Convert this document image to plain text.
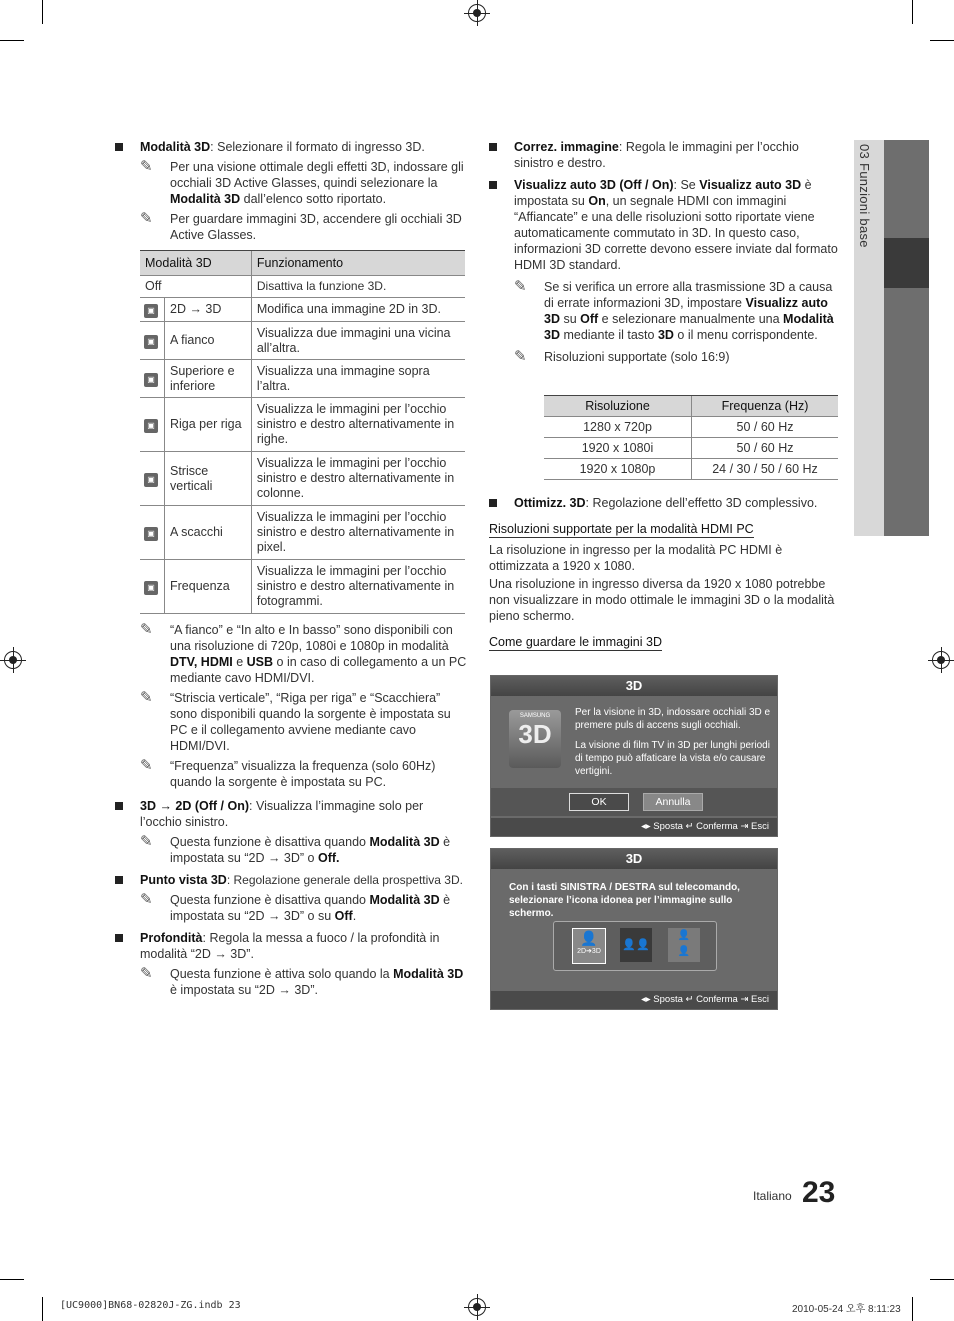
03 Funzioni base
Modalità 3D: Selezionare il formato di ingresso 3D.
✎ Per una visione ottimale degli effetti 3D, indossare gli occhiali 3D Active Glasses, quindi selezionare la Modalità 3D dall’elenco sotto riportato.
✎ Per guardare immagini 3D, accendere gli occhiali 3D Active Glasses.
Modalità 3D		Funzionamento
Off		Disattiva la funzione 3D.
▣	2D → 3D	Modifica una immagine 2D in 3D.
▣	A fianco	Visualizza due immagini una vicina all’altra.
▣	Superiore e inferiore	Visualizza una immagine sopra l’altra.
▣	Riga per riga	Visualizza le immagini per l’occhio sinistro e destro alternativamente in righe.
▣	Strisce verticali	Visualizza le immagini per l’occhio sinistro e destro alternativamente in colonne.
▣	A scacchi	Visualizza le immagini per l’occhio sinistro e destro alternativamente in pixel.
▣	Frequenza	Visualizza le immagini per l’occhio sinistro e destro alternativamente in fotogrammi.
✎ “A fianco” e “In alto e In basso” sono disponibili con una risoluzione di 720p, 1080i e 1080p in modalità DTV, HDMI e USB o in caso di collegamento a un PC mediante cavo HDMI/DVI.
✎ “Striscia verticale”, “Riga per riga” e “Scacchiera” sono disponibili quando la sorgente è impostata su PC e il collegamento avviene mediante cavo HDMI/DVI.
✎ “Frequenza” visualizza la frequenza (solo 60Hz) quando la sorgente è impostata su PC.
3D → 2D (Off / On): Visualizza l’immagine solo per l’occhio sinistro.
✎ Questa funzione è disattiva quando Modalità 3D è impostata su “2D → 3D” o Off.
Punto vista 3D: Regolazione generale della prospettiva 3D.
✎ Questa funzione è disattiva quando Modalità 3D è impostata su “2D → 3D” o su Off.
Profondità: Regola la messa a fuoco / la profondità in modalità “2D → 3D”.
✎ Questa funzione è attiva solo quando la Modalità 3D è impostata su “2D → 3D”.
Correz. immagine: Regola le immagini per l’occhio sinistro e destro.
Visualizz auto 3D (Off / On): Se Visualizz auto 3D è impostata su On, un segnale HDMI con immagini “Affiancate” e una delle risoluzioni sotto riportate viene automaticamente commutato in 3D. In questo caso, informazioni 3D corrette devono essere inviate dal formato HDMI 3D standard.
✎ Se si verifica un errore alla trasmissione 3D a causa di errate informazioni 3D, impostare Visualizz auto 3D su Off e selezionare manualmente una Modalità 3D mediante il tasto 3D o il menu corrispondente.
✎ Risoluzioni supportate (solo 16:9)
Risoluzione	Frequenza (Hz)
1280 x 720p	50 / 60 Hz
1920 x 1080i	50 / 60 Hz
1920 x 1080p	24 / 30 / 50 / 60 Hz
Ottimizz. 3D: Regolazione dell’effetto 3D complessivo.
Risoluzioni supportate per la modalità HDMI PC
La risoluzione in ingresso per la modalità PC HDMI è ottimizzata a 1920 x 1080.
Una risoluzione in ingresso diversa da 1920 x 1080 potrebbe non visualizzare in modo ottimale le immagini 3D o la modalità pieno schermo.
Come guardare le immagini 3D
3D
SAMSUNG
3D
Per la visione in 3D, indossare occhiali 3D e premere puls di accens sugli occhiali.
La visione di film TV in 3D per lunghi periodi di tempo può affaticare la vista e/o causare vertigini.
OK	Annulla
◂▸ Sposta ↵ Conferma ⇥ Esci
3D
Con i tasti SINISTRA / DESTRA sul telecomando, selezionare l’icona idonea per l’immagine sullo schermo.
👤
2D➔3D
👤👤
👤
👤
◂▸ Sposta ↵ Conferma ⇥ Esci
Italiano 23
[UC9000]BN68-02820J-ZG.indb 23	2010-05-24 오후 8:11:23
